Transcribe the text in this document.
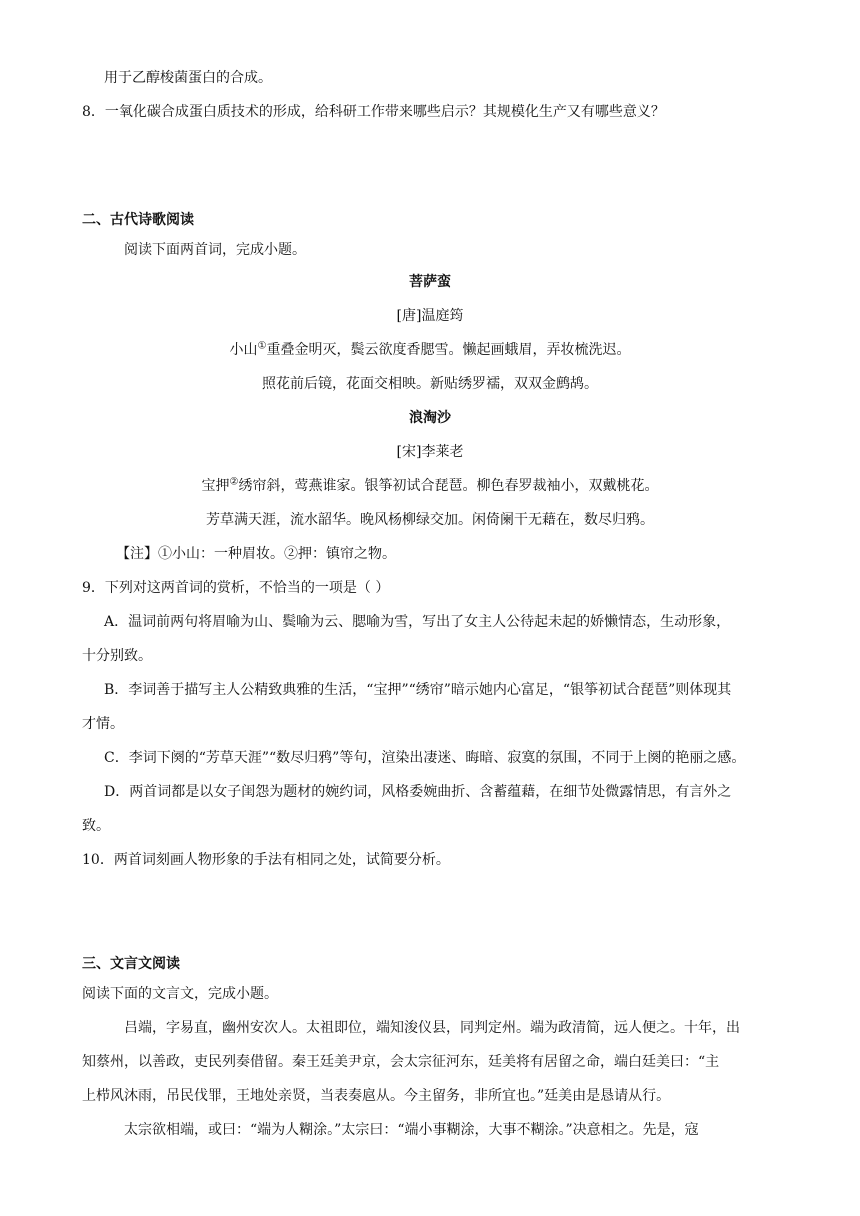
用于乙醇梭菌蛋白的合成。
8．一氧化碳合成蛋白质技术的形成，给科研工作带来哪些启示？其规模化生产又有哪些意义？
二、古代诗歌阅读
阅读下面两首词，完成小题。
菩萨蛮
[唐]温庭筠
小山①重叠金明灭，鬓云欲度香腮雪。懒起画蛾眉，弄妆梳洗迟。
照花前后镜，花面交相映。新贴绣罗襦，双双金鹧鸪。
浪淘沙
[宋]李莱老
宝押②绣帘斜，莺燕谁家。银筝初试合琵琶。柳色春罗裁袖小，双戴桃花。
芳草满天涯，流水韶华。晚风杨柳绿交加。闲倚阑干无藉在，数尽归鸦。
【注】①小山：一种眉妆。②押：镇帘之物。
9．下列对这两首词的赏析，不恰当的一项是（ ）
A．温词前两句将眉喻为山、鬓喻为云、腮喻为雪，写出了女主人公待起未起的娇懒情态，生动形象，
十分别致。
B．李词善于描写主人公精致典雅的生活，“宝押”“绣帘”暗示她内心富足，“银筝初试合琵琶”则体现其
才情。
C．李词下阕的“芳草天涯”“数尽归鸦”等句，渲染出凄迷、晦暗、寂寞的氛围，不同于上阕的艳丽之感。
D．两首词都是以女子闺怨为题材的婉约词，风格委婉曲折、含蓄蕴藉，在细节处微露情思，有言外之
致。
10．两首词刻画人物形象的手法有相同之处，试简要分析。
三、文言文阅读
阅读下面的文言文，完成小题。
吕端，字易直，幽州安次人。太祖即位，端知浚仪县，同判定州。端为政清简，远人便之。十年，出
知蔡州，以善政，吏民列奏借留。秦王廷美尹京，会太宗征河东，廷美将有居留之命，端白廷美曰：“主
上栉风沐雨，吊民伐罪，王地处亲贤，当表奏扈从。今主留务，非所宜也。”廷美由是恳请从行。
太宗欲相端，或曰：“端为人糊涂。”太宗曰：“端小事糊涂，大事不糊涂。”决意相之。先是，寇
